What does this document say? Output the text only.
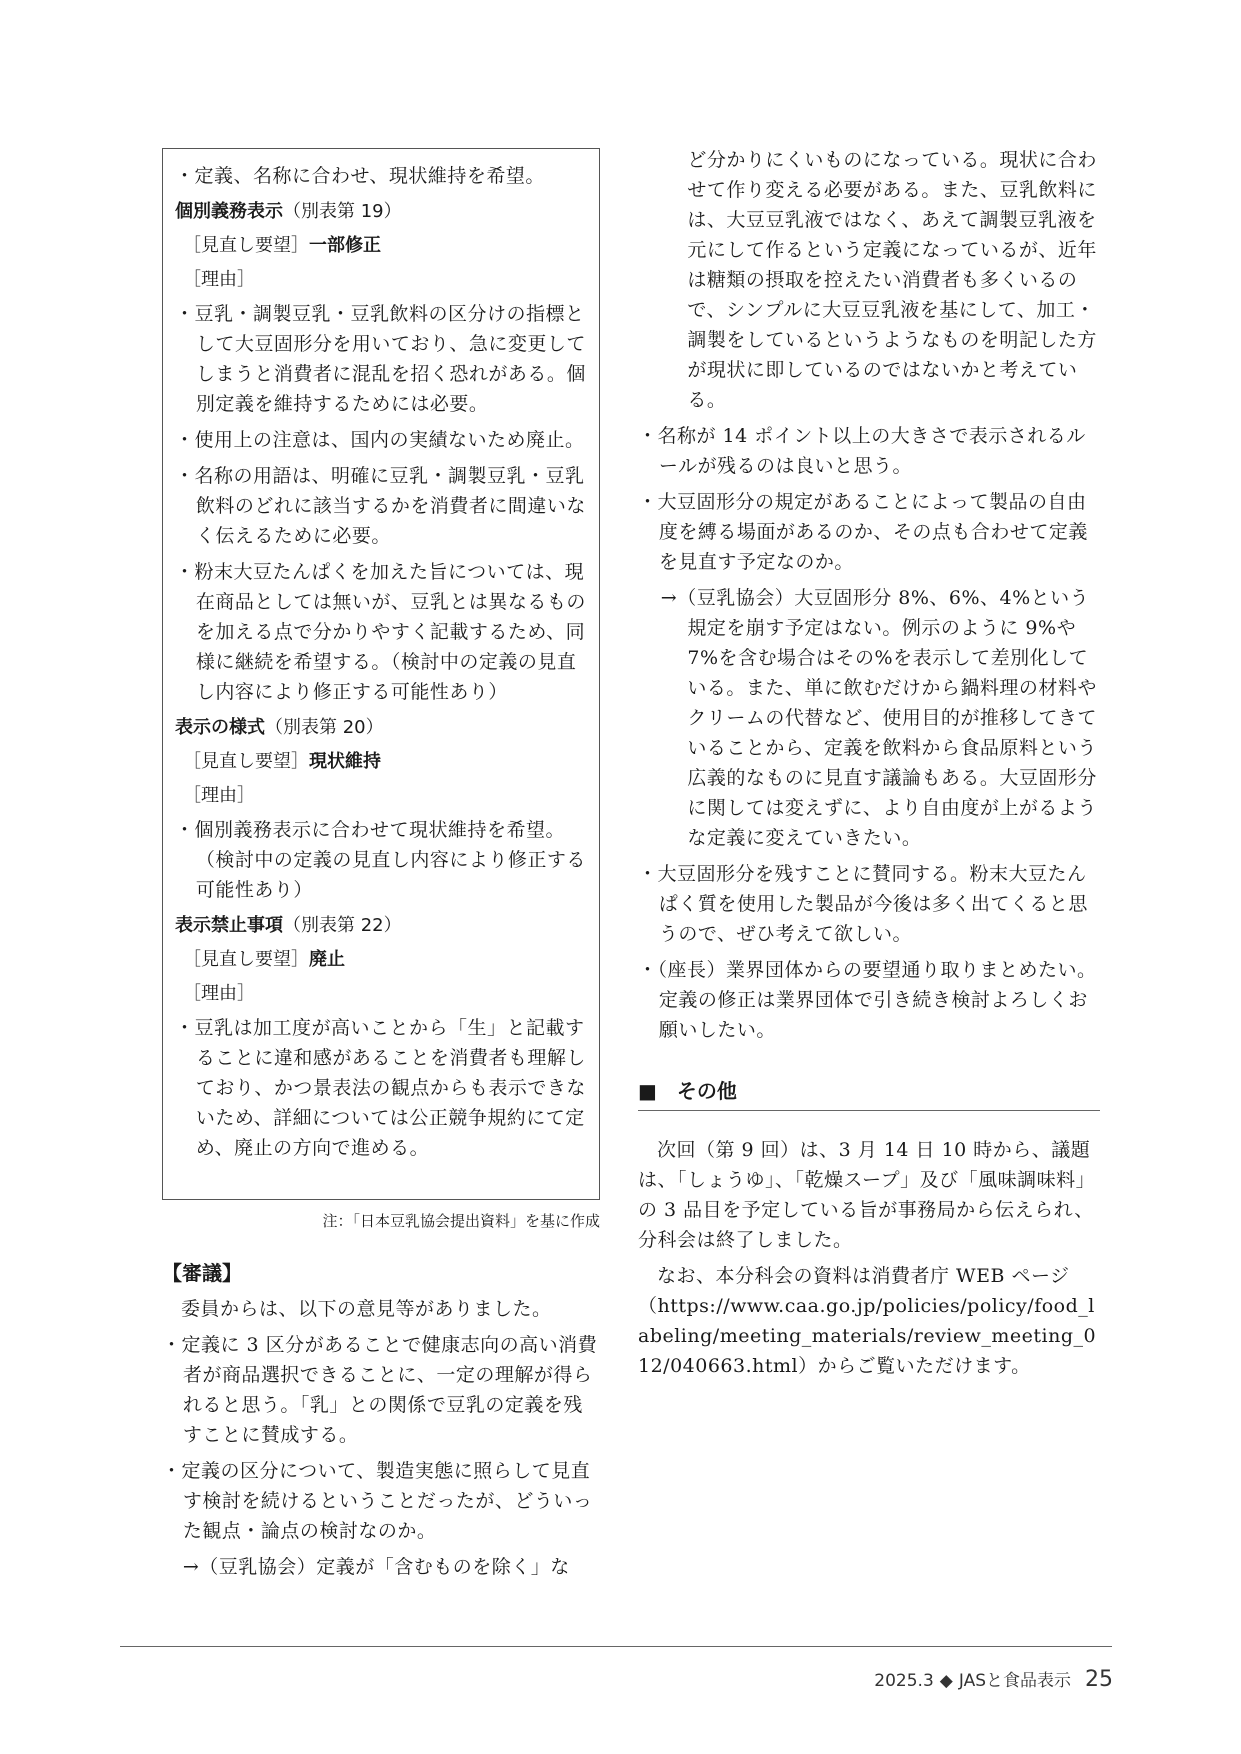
・定義、名称に合わせ、現状維持を希望。

個別義務表示（別表第 19）
［見直し要望］一部修正
［理由］

・豆乳・調製豆乳・豆乳飲料の区分けの指標として大豆固形分を用いており、急に変更してしまうと消費者に混乱を招く恐れがある。個別定義を維持するためには必要。

・使用上の注意は、国内の実績ないため廃止。

・名称の用語は、明確に豆乳・調製豆乳・豆乳飲料のどれに該当するかを消費者に間違いなく伝えるために必要。

・粉末大豆たんぱくを加えた旨については、現在商品としては無いが、豆乳とは異なるものを加える点で分かりやすく記載するため、同様に継続を希望する。（検討中の定義の見直し内容により修正する可能性あり）

表示の様式（別表第 20）
［見直し要望］現状維持
［理由］

・個別義務表示に合わせて現状維持を希望。（検討中の定義の見直し内容により修正する可能性あり）

表示禁止事項（別表第 22）
［見直し要望］廃止
［理由］

・豆乳は加工度が高いことから「生」と記載することに違和感があることを消費者も理解しており、かつ景表法の観点からも表示できないため、詳細については公正競争規約にて定め、廃止の方向で進める。

注：「日本豆乳協会提出資料」を基に作成
【審議】

委員からは、以下の意見等がありました。

・定義に 3 区分があることで健康志向の高い消費者が商品選択できることに、一定の理解が得られると思う。「乳」との関係で豆乳の定義を残すことに賛成する。

・定義の区分について、製造実態に照らして見直す検討を続けるということだったが、どういった観点・論点の検討なのか。

→（豆乳協会）定義が「含むものを除く」な

ど分かりにくいものになっている。現状に合わせて作り変える必要がある。また、豆乳飲料には、大豆豆乳液ではなく、あえて調製豆乳液を元にして作るという定義になっているが、近年は糖類の摂取を控えたい消費者も多くいるので、シンプルに大豆豆乳液を基にして、加工・調製をしているというようなものを明記した方が現状に即しているのではないかと考えている。

・名称が 14 ポイント以上の大きさで表示されるルールが残るのは良いと思う。

・大豆固形分の規定があることによって製品の自由度を縛る場面があるのか、その点も合わせて定義を見直す予定なのか。

→（豆乳協会）大豆固形分 8%、6%、4%という規定を崩す予定はない。例示のように 9%や 7%を含む場合はその%を表示して差別化している。また、単に飲むだけから鍋料理の材料やクリームの代替など、使用目的が推移してきていることから、定義を飲料から食品原料という広義的なものに見直す議論もある。大豆固形分に関しては変えずに、より自由度が上がるような定義に変えていきたい。

・大豆固形分を残すことに賛同する。粉末大豆たんぱく質を使用した製品が今後は多く出てくると思うので、ぜひ考えて欲しい。

・（座長）業界団体からの要望通り取りまとめたい。定義の修正は業界団体で引き続き検討よろしくお願いしたい。

■　その他

次回（第 9 回）は、3 月 14 日 10 時から、議題は、「しょうゆ」、「乾燥スープ」及び「風味調味料」の 3 品目を予定している旨が事務局から伝えられ、分科会は終了しました。

なお、本分科会の資料は消費者庁 WEB ページ（https://www.caa.go.jp/policies/policy/food_labeling/meeting_materials/review_meeting_012/040663.html）からご覧いただけます。

2025.3 ◆ JASと食品表示 25
